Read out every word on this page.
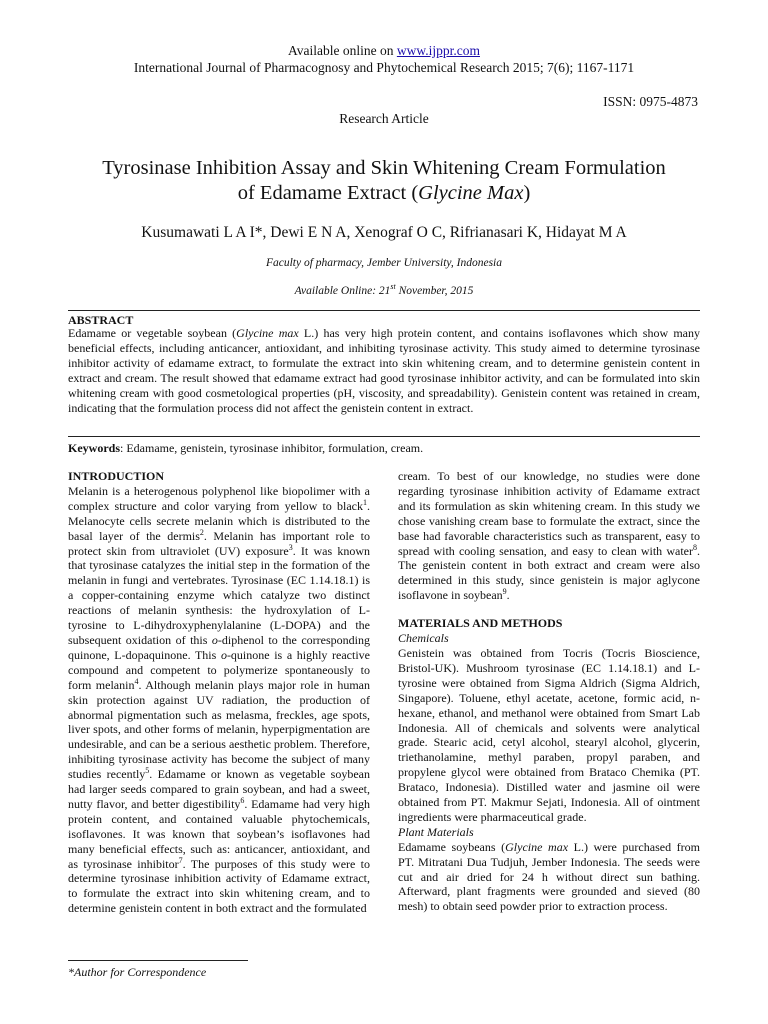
Available online on www.ijppr.com
International Journal of Pharmacognosy and Phytochemical Research 2015; 7(6); 1167-1171
ISSN: 0975-4873
Research Article
Tyrosinase Inhibition Assay and Skin Whitening Cream Formulation
of Edamame Extract (Glycine Max)
Kusumawati L A I*, Dewi E N A, Xenograf O C, Rifrianasari K, Hidayat M A
Faculty of pharmacy, Jember University, Indonesia
Available Online: 21st November, 2015
ABSTRACT
Edamame or vegetable soybean (Glycine max L.) has very high protein content, and contains isoflavones which show many beneficial effects, including anticancer, antioxidant, and inhibiting tyrosinase activity. This study aimed to determine tyrosinase inhibitor activity of edamame extract, to formulate the extract into skin whitening cream, and to determine genistein content in extract and cream. The result showed that edamame extract had good tyrosinase inhibitor activity, and can be formulated into skin whitening cream with good cosmetological properties (pH, viscosity, and spreadability). Genistein content was retained in cream, indicating that the formulation process did not affect the genistein content in extract.
Keywords: Edamame, genistein, tyrosinase inhibitor, formulation, cream.

INTRODUCTION

Melanin is a heterogenous polyphenol like biopolimer with a complex structure and color varying from yellow to black$^1$. Melanocyte cells secrete melanin which is distributed to the basal layer of the dermis$^2$. Melanin has important role to protect skin from ultraviolet (UV) exposure$^3$. It was known that tyrosinase catalyzes the initial step in the formation of the melanin in fungi and vertebrates. Tyrosinase (EC 1.14.18.1) is a copper-containing enzyme which catalyze two distinct reactions of melanin synthesis: the hydroxylation of L-tyrosine to L-dihydroxyphenylalanine (L-DOPA) and the subsequent oxidation of this o-diphenol to the corresponding quinone, L-dopaquinone. This o-quinone is a highly reactive compound and competent to polymerize spontaneously to form melanin$^4$. Although melanin plays major role in human skin protection against UV radiation, the production of abnormal pigmentation such as melasma, freckles, age spots, liver spots, and other forms of melanin, hyperpigmentation are undesirable, and can be a serious aesthetic problem. Therefore, inhibiting tyrosinase activity has become the subject of many studies recently$^5$. Edamame or known as vegetable soybean had larger seeds compared to grain soybean, and had a sweet, nutty flavor, and better digestibility$^6$. Edamame had very high protein content, and contained valuable phytochemicals, isoflavones. It was known that soybean’s isoflavones had many beneficial effects, such as: anticancer, antioxidant, and as tyrosinase inhibitor$^7$. The purposes of this study were to determine tyrosinase inhibition activity of Edamame extract, to formulate the extract into skin whitening cream, and to determine genistein content in both extract and the formulated

cream. To best of our knowledge, no studies were done regarding tyrosinase inhibition activity of Edamame extract and its formulation as skin whitening cream. In this study we chose vanishing cream base to formulate the extract, since the base had favorable characteristics such as transparent, easy to spread with cooling sensation, and easy to clean with water$^8$. The genistein content in both extract and cream were also determined in this study, since genistein is major aglycone isoflavone in soybean$^9$.

MATERIALS AND METHODS

Chemicals

Genistein was obtained from Tocris (Tocris Bioscience, Bristol-UK). Mushroom tyrosinase (EC 1.14.18.1) and L-tyrosine were obtained from Sigma Aldrich (Sigma Aldrich, Singapore). Toluene, ethyl acetate, acetone, formic acid, n-hexane, ethanol, and methanol were obtained from Smart Lab Indonesia. All of chemicals and solvents were analytical grade. Stearic acid, cetyl alcohol, stearyl alcohol, glycerin, triethanolamine, methyl paraben, propyl paraben, and propylene glycol were obtained from Brataco Chemika (PT. Brataco, Indonesia). Distilled water and jasmine oil were obtained from PT. Makmur Sejati, Indonesia. All of ointment ingredients were pharmaceutical grade.

Plant Materials

Edamame soybeans (Glycine max L.) were purchased from PT. Mitratani Dua Tudjuh, Jember Indonesia. The seeds were cut and air dried for 24 h without direct sun bathing. Afterward, plant fragments were grounded and sieved (80 mesh) to obtain seed powder prior to extraction process.

*Author for Correspondence
